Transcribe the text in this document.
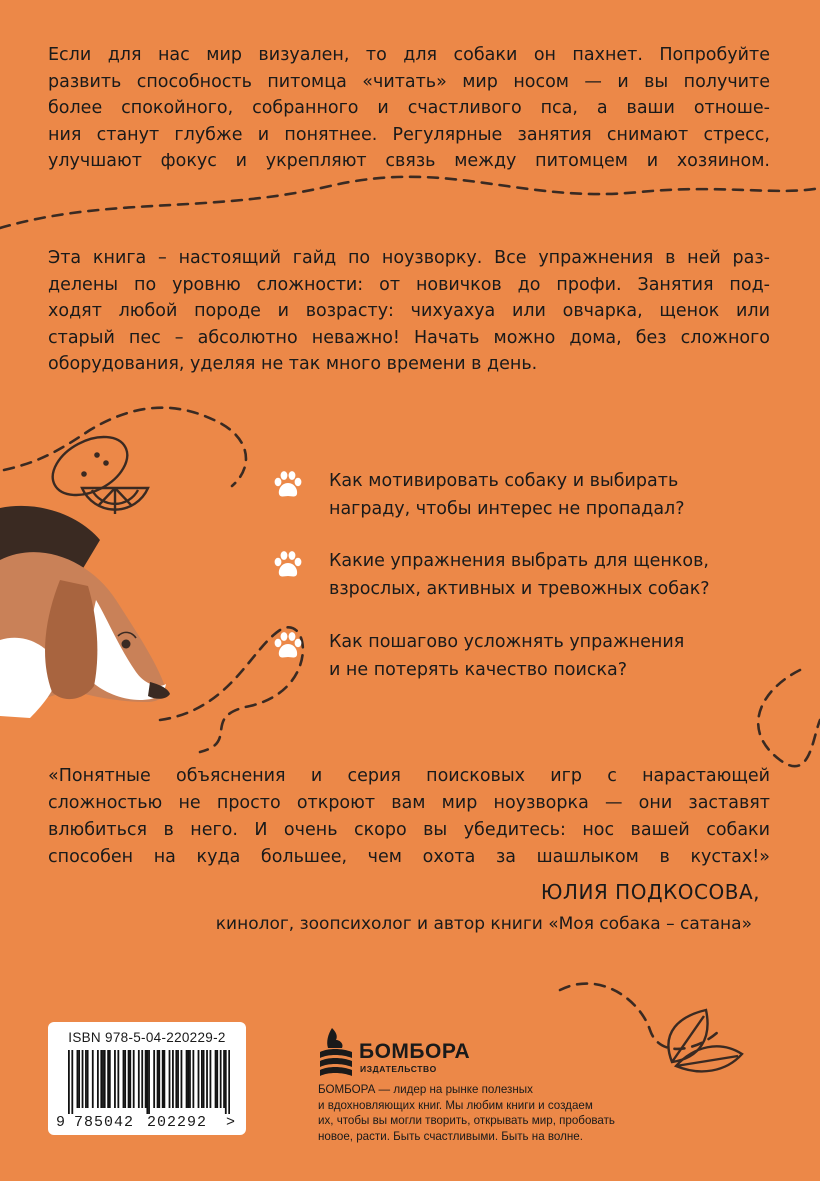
Если для нас мир визуален, то для собаки он пахнет. Попробуйте
развить способность питомца «читать» мир носом — и вы получите
более спокойного, собранного и счастливого пса, а ваши отноше-
ния станут глубже и понятнее. Регулярные занятия снимают стресс,
улучшают фокус и укрепляют связь между питомцем и хозяином.

Эта книга – настоящий гайд по ноузворку. Все упражнения в ней раз-
делены по уровню сложности: от новичков до профи. Занятия под-
ходят любой породе и возрасту: чихуахуа или овчарка, щенок или
старый пес – абсолютно неважно! Начать можно дома, без сложного
оборудования, уделяя не так много времени в день.

Как мотивировать собаку и выбирать
награду, чтобы интерес не пропадал?
Какие упражнения выбрать для щенков,
взрослых, активных и тревожных собак?
Как пошагово усложнять упражнения
и не потерять качество поиска?

«Понятные объяснения и серия поисковых игр с нарастающей
сложностью не просто откроют вам мир ноузворка — они заставят
влюбиться в него. И очень скоро вы убедитесь: нос вашей собаки
способен на куда большее, чем охота за шашлыком в кустах!»

ЮЛИЯ ПОДКОСОВА,
кинолог, зоопсихолог и автор книги «Моя собака – сатана»
ISBN 978-5-04-220229-2
9 785042 202292 >
БОМБОРА
ИЗДАТЕЛЬСТВО

БОМБОРА — лидер на рынке полезных
и вдохновляющих книг. Мы любим книги и создаем
их, чтобы вы могли творить, открывать мир, пробовать
новое, расти. Быть счастливыми. Быть на волне.
